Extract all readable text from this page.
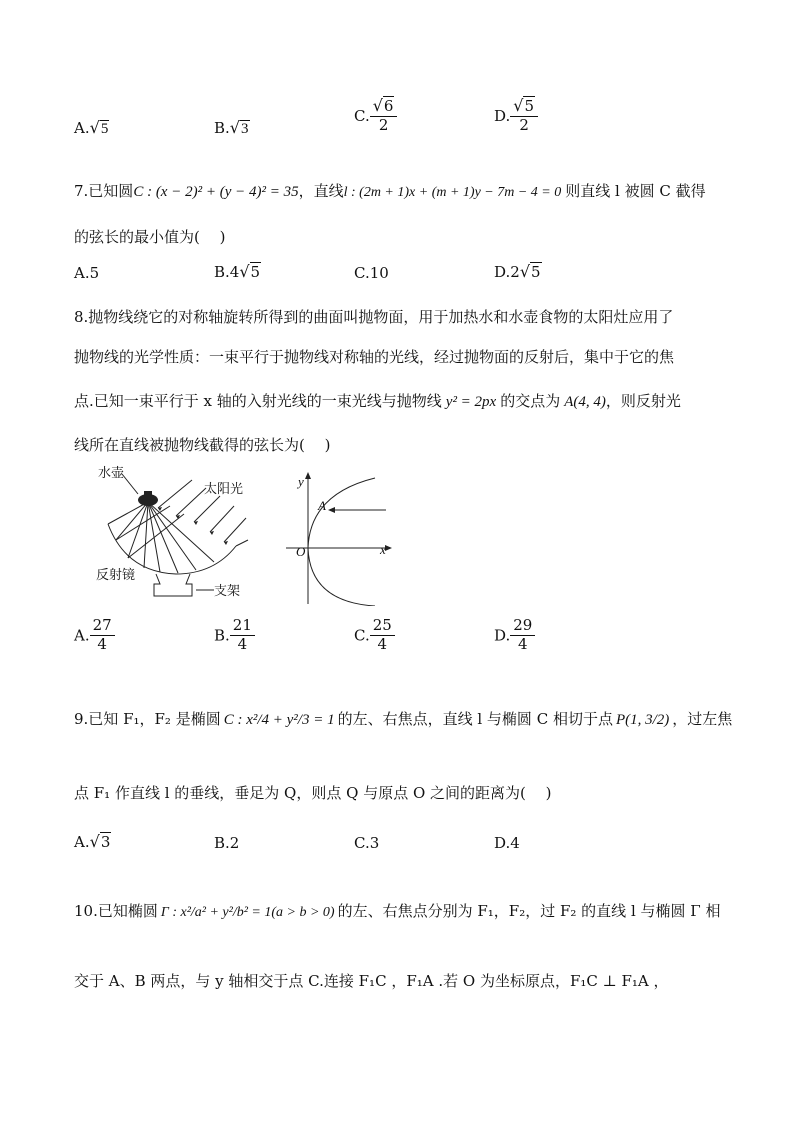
A.√5	B.√3
C. $\frac{√6}{2}$	D. $\frac{√5}{2}$
7.已知圆C : (x − 2)² + (y − 4)² = 35，直线l : (2m + 1)x + (m + 1)y − 7m − 4 = 0 则直线 l 被圆 C 截得
的弦长的最小值为(　 )
A.5	B.4√5	C.10	D.2√5
8.抛物线绕它的对称轴旋转所得到的曲面叫抛物面，用于加热水和水壶食物的太阳灶应用了
抛物线的光学性质：一束平行于抛物线对称轴的光线，经过抛物面的反射后，集中于它的焦
点.已知一束平行于 x 轴的入射光线的一束光线与抛物线 y² = 2px 的交点为 A(4, 4)，则反射光
线所在直线被抛物线截得的弦长为(　 )
水壶
太阳光
反射镜
支架
y
x
O
A
A. $\frac{27}{4}$	B. $\frac{21}{4}$	C. $\frac{25}{4}$	D. $\frac{29}{4}$
9.已知 F₁，F₂ 是椭圆 C : x²/4 + y²/3 = 1 的左、右焦点，直线 l 与椭圆 C 相切于点 P(1, 3/2) ，过左焦
点 F₁ 作直线 l 的垂线，垂足为 Q，则点 Q 与原点 O 之间的距离为(　 )
A.√3	B.2	C.3	D.4
10.已知椭圆 Γ : x²/a² + y²/b² = 1(a > b > 0) 的左、右焦点分别为 F₁，F₂，过 F₂ 的直线 l 与椭圆 Γ 相
交于 A、B 两点，与 y 轴相交于点 C.连接 F₁C ，F₁A .若 O 为坐标原点，F₁C ⊥ F₁A ，
